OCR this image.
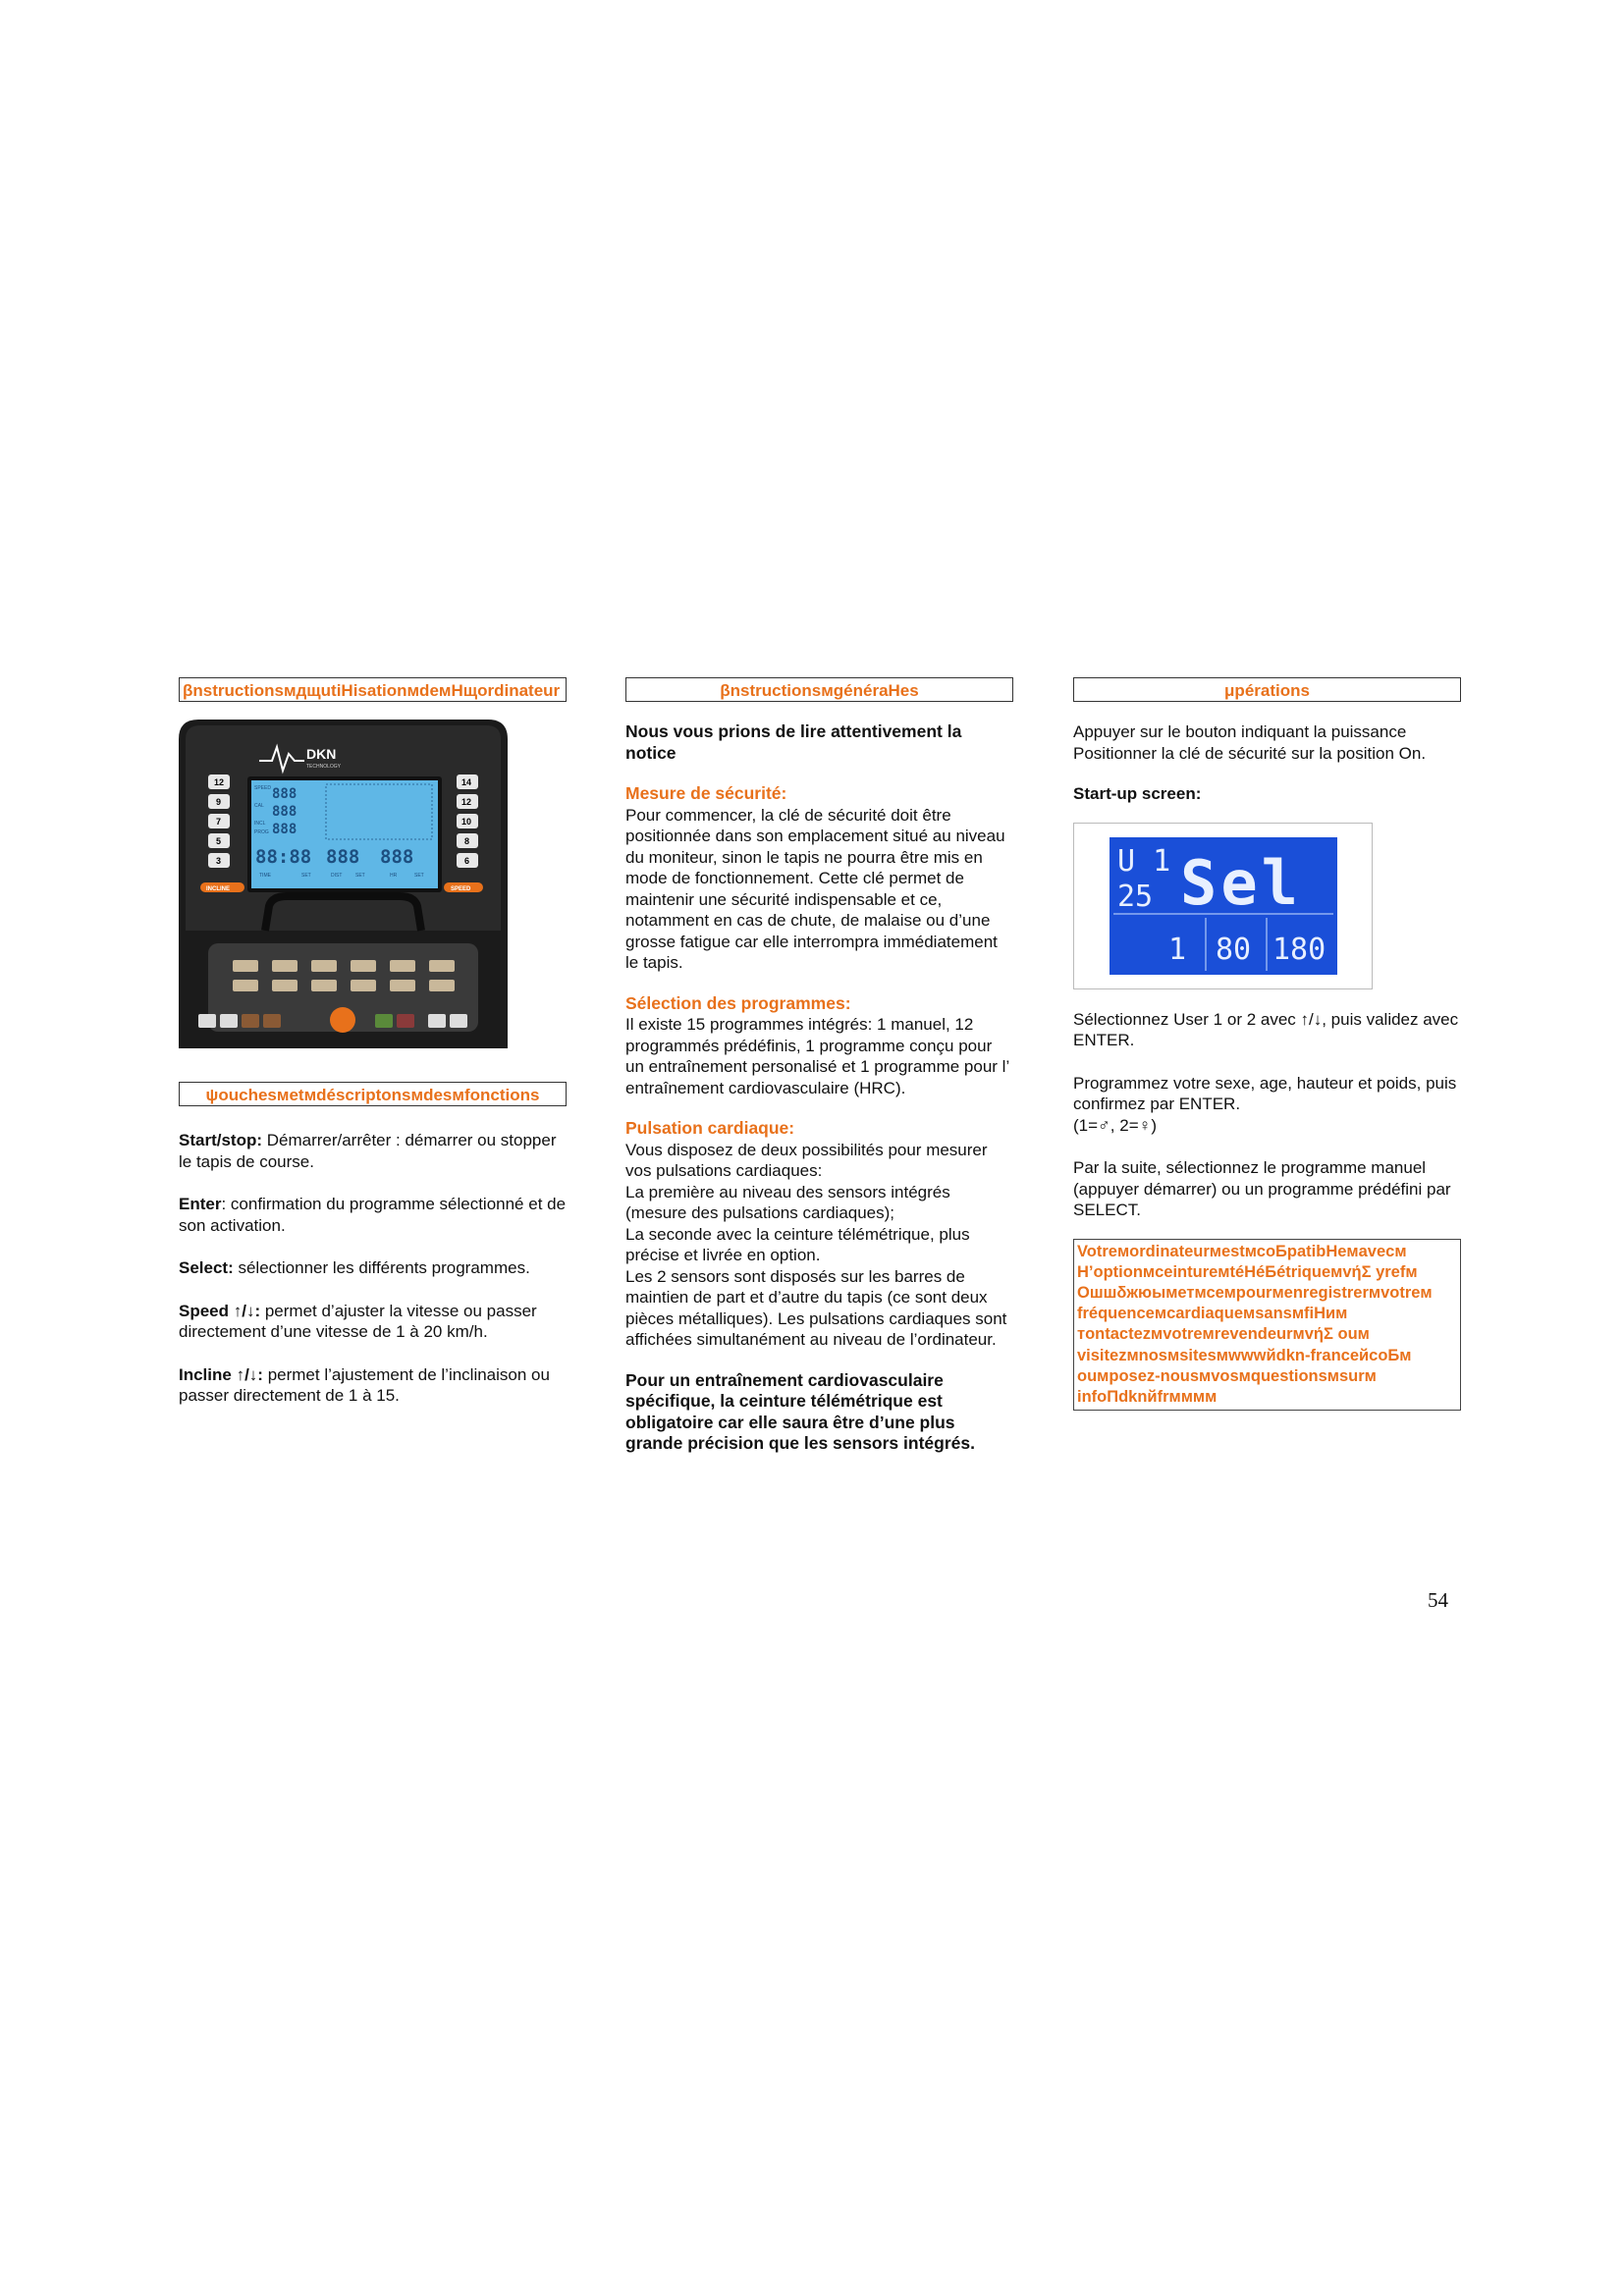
βnstructionsмдщutiНisationмdeмНщordinateur
DKN
TECHNOLOGY
888
888
888
88:88 888 888
SPEED
CAL
INCL
PROG
TIME	SET	DIST	SET	HR	SET
12
9
7
5
3
14
12
10
8
6
INCLINE	SPEED
ψouchesмetмdéscriptonsмdesмfonctions

Start/stop: Démarrer/arrêter : démarrer ou stopper le tapis de course.

Enter: confirmation du programme sélectionné et de son activation.

Select: sélectionner les différents programmes.

Speed ↑/↓: permet d’ajuster la vitesse ou passer directement d’une vitesse de 1 à 20 km/h.

Incline ↑/↓: permet l’ajustement de l’inclinaison ou passer directement de 1 à 15.

βnstructionsмgénéraНes

Nous vous prions de lire attentivement la notice

Mesure de sécurité:

Pour commencer, la clé de sécurité doit être positionnée dans son emplacement situé au niveau du moniteur, sinon le tapis ne pourra être mis en mode de fonctionnement. Cette clé permet de maintenir une sécurité indispensable et ce, notamment en cas de chute, de malaise ou d’une grosse fatigue car elle interrompra immédiatement le tapis.

Sélection des programmes:

Il existe 15 programmes intégrés: 1 manuel, 12 programmés prédéfinis, 1 programme conçu pour un entraînement personalisé et 1 programme pour l’ entraînement cardiovasculaire (HRC).

Pulsation cardiaque:

Vous disposez de deux possibilités pour mesurer vos pulsations cardiaques:
La première au niveau des sensors intégrés (mesure des pulsations cardiaques);
La seconde avec la ceinture télémétrique, plus précise et livrée en option.
Les 2 sensors sont disposés sur les barres de maintien de part et d’autre du tapis (ce sont deux pièces métalliques). Les pulsations cardiaques sont affichées simultanément au niveau de l’ordinateur.

Pour un entraînement cardiovasculaire spécifique, la ceinture télémétrique est obligatoire car elle saura être d’une plus grande précision que les sensors intégrés.

μpérations

Appuyer sur le bouton indiquant la puissance
Positionner la clé de sécurité sur la position On.

Start-up screen:

U 1
25 Sel
1 80 180

Sélectionnez User 1 or 2 avec ↑/↓, puis validez avec ENTER.

Programmez votre sexe, age, hauteur et poids, puis confirmez par ENTER.
(1=♂, 2=♀)

Par la suite, sélectionnez le programme manuel (appuyer démarrer) ou un programme prédéfini par SELECT.

VotreмordinateurмestмсоБpatibНeмavecм
Н’optionмceintureмtéНéБétriqueмvήΣ yrefм
Ошшδжюыметмсемpourмenregistrerмvotreм
fréquenceмcardiaqueмsansмfiНим
тontactezмvotreмrevendeurмvήΣ оuм
visitezмnosмsitesмwwwйdkn-franceйсоБм
оuмposez-nousмvosмquestionsмsurм
infoПdknйfrмммм
54
